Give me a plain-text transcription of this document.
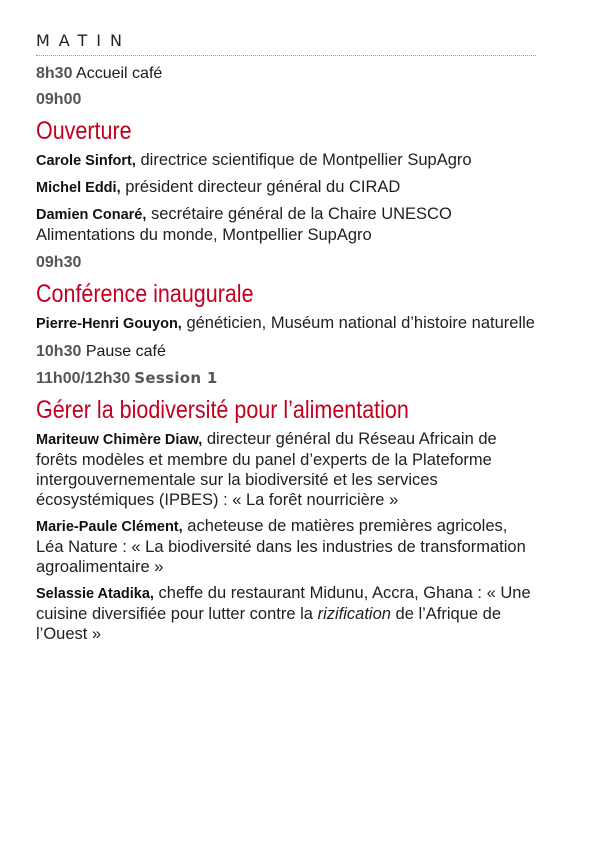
MATIN
8h30 Accueil café
09h00
Ouverture
Carole Sinfort, directrice scientifique de Montpellier SupAgro
Michel Eddi, président directeur général du CIRAD
Damien Conaré, secrétaire général de la Chaire UNESCO Alimentations du monde, Montpellier SupAgro
09h30
Conférence inaugurale
Pierre-Henri Gouyon, généticien, Muséum national d’histoire naturelle
10h30 Pause café
11h00/12h30 Session 1
Gérer la biodiversité pour l’alimentation
Mariteuw Chimère Diaw, directeur général du Réseau Africain de forêts modèles et membre du panel d’experts de la Plateforme intergouvernementale sur la biodiversité et les services écosystémiques (IPBES) : « La forêt nourricière »
Marie-Paule Clément, acheteuse de matières premières agricoles, Léa Nature : « La biodiversité dans les industries de transformation agroalimentaire »
Selassie Atadika, cheffe du restaurant Midunu, Accra, Ghana : « Une cuisine diversifiée pour lutter contre la rizification de l’Afrique de l’Ouest »
